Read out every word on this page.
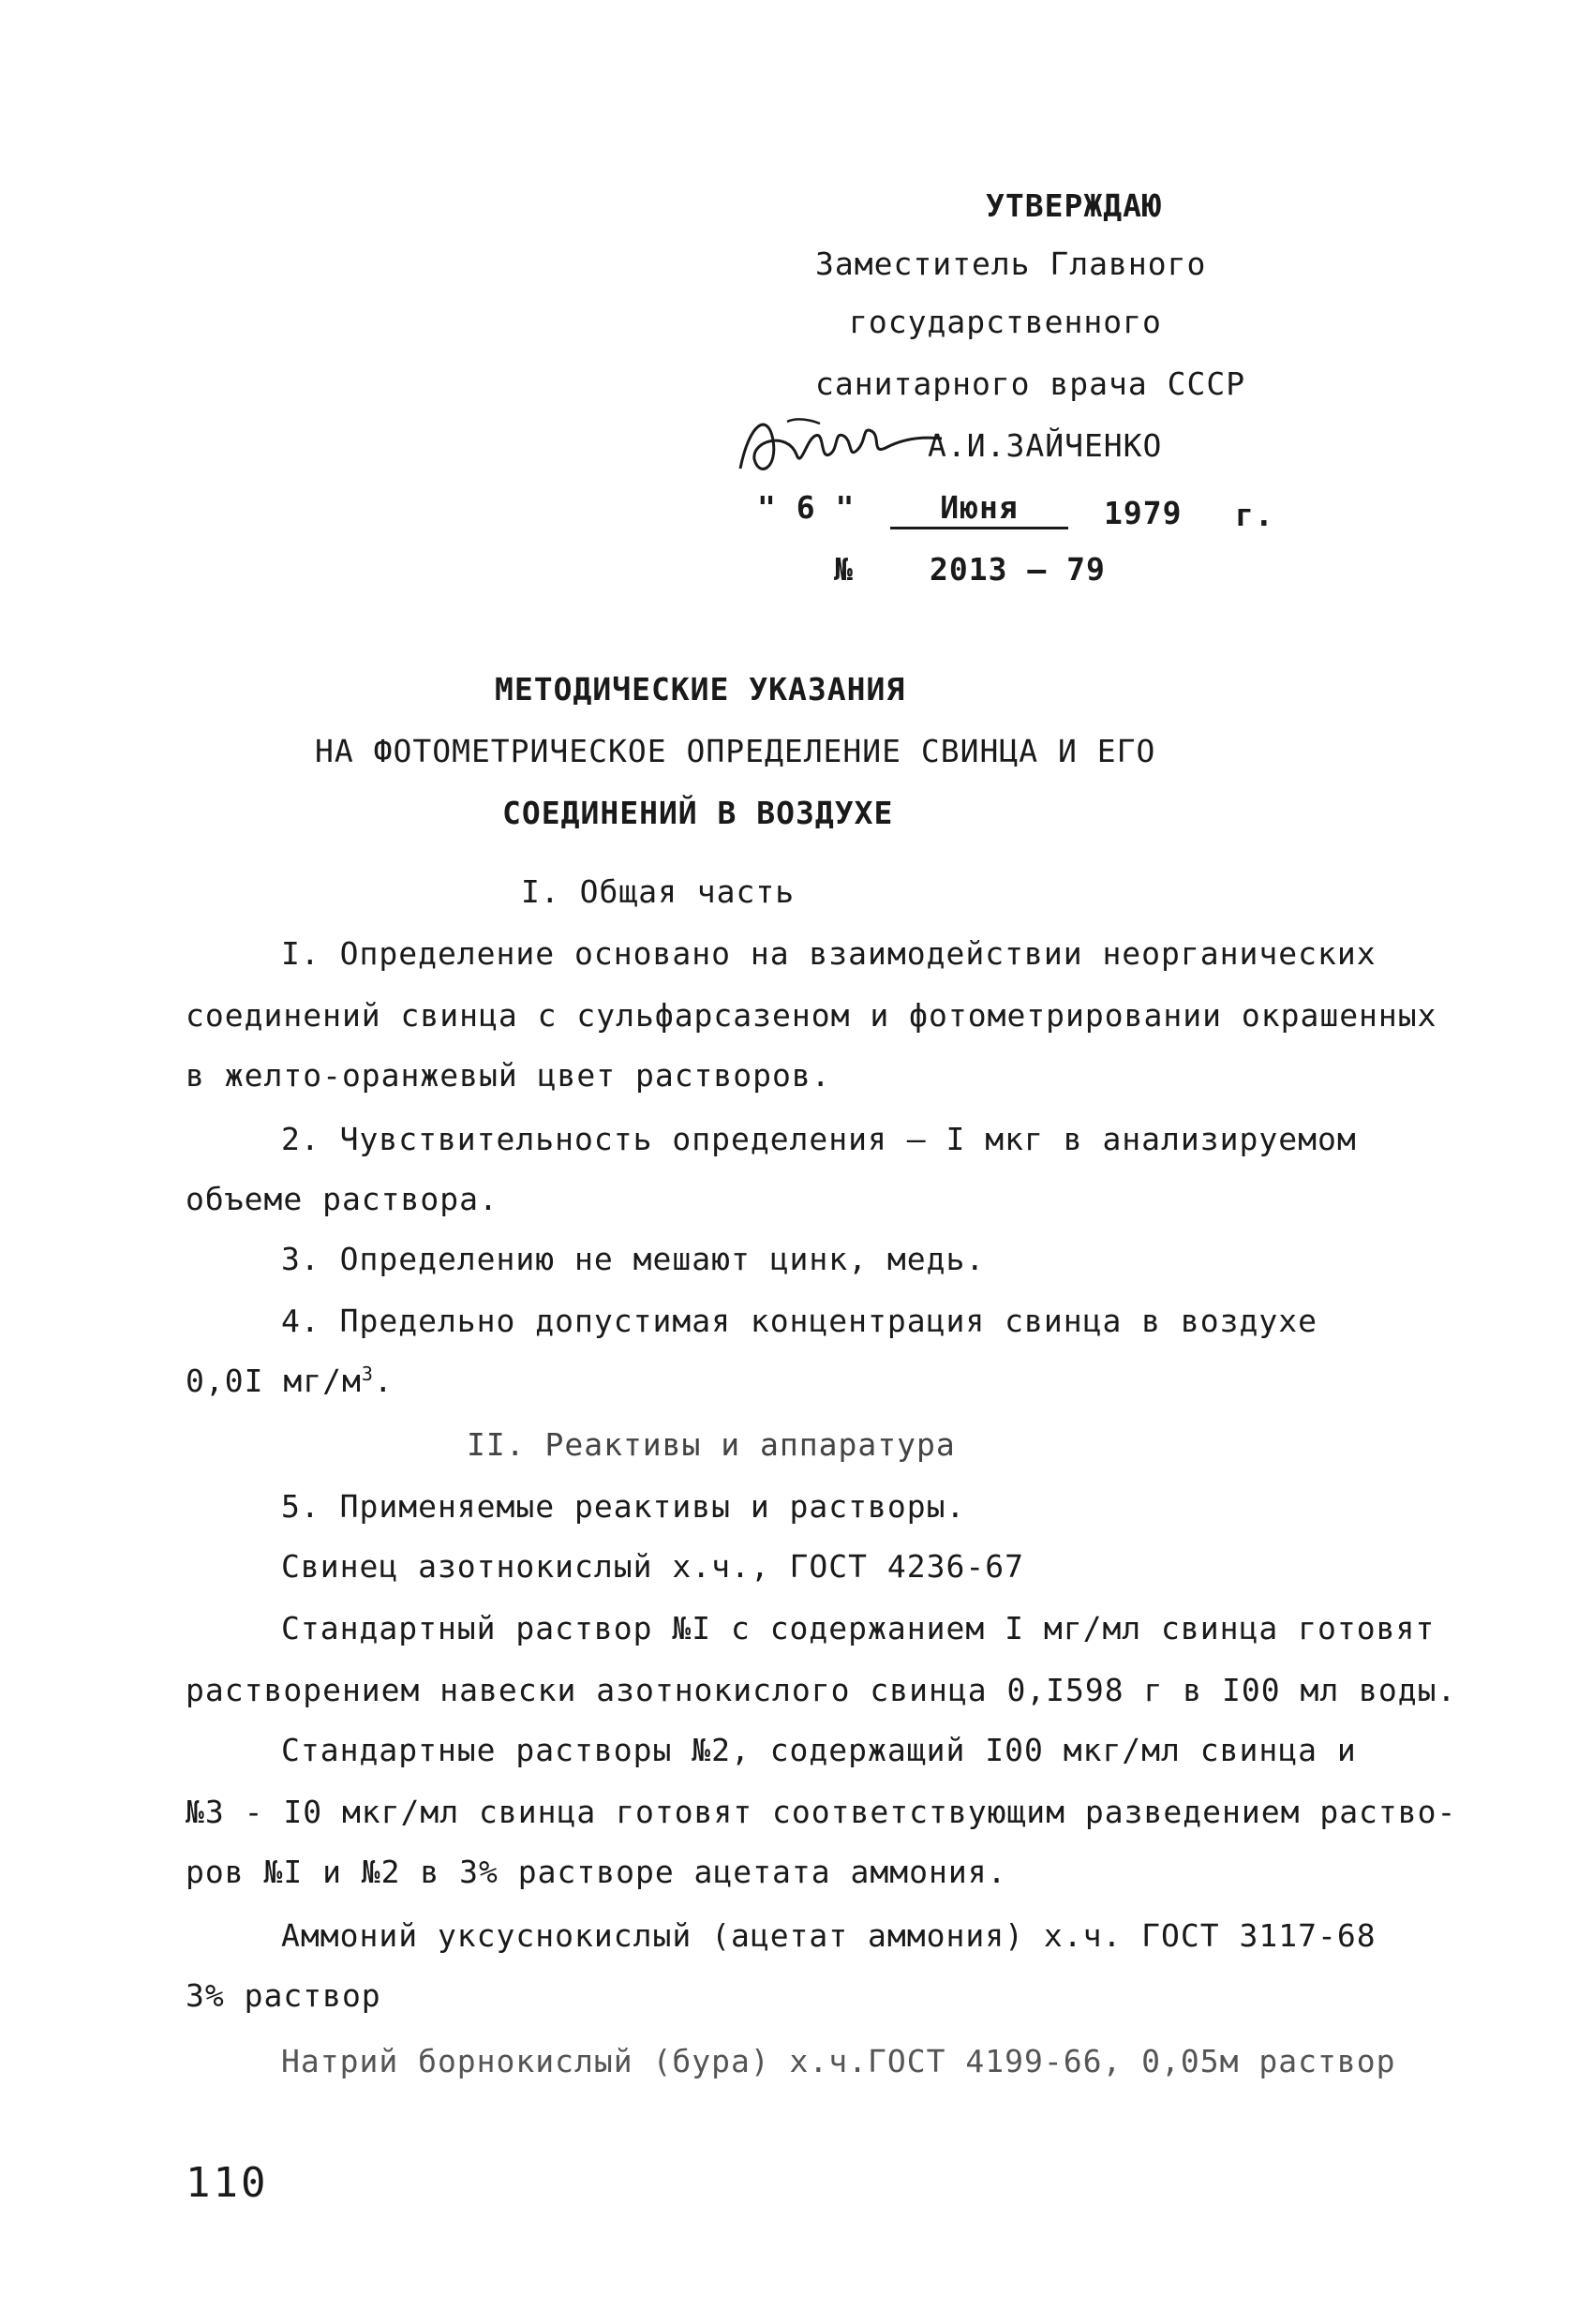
УТВЕРЖДАЮ
Заместитель Главного
государственного
санитарного врача СССР
А.И.ЗАЙЧЕНКО
" 6 "	Июня	1979 г.
№ 2013 – 79
МЕТОДИЧЕСКИЕ УКАЗАНИЯ
НА ФОТОМЕТРИЧЕСКОЕ ОПРЕДЕЛЕНИЕ СВИНЦА И ЕГО
СОЕДИНЕНИЙ В ВОЗДУХЕ
I. Общая часть
I. Определение основано на взаимодействии неорганических
соединений свинца с сульфарсазеном и фотометрировании окрашенных
в желто-оранжевый цвет растворов.
2. Чувствительность определения – I мкг в анализируемом
объеме раствора.
3. Определению не мешают цинк, медь.
4. Предельно допустимая концентрация свинца в воздухе
0,0I $мг/м^3$.
II. Реактивы и аппаратура
5. Применяемые реактивы и растворы.
Свинец азотнокислый х.ч., ГОСТ 4236-67
Стандартный раствор №I с содержанием I мг/мл свинца готовят
растворением навески азотнокислого свинца 0,I598 г в I00 мл воды.
Стандартные растворы №2, содержащий I00 мкг/мл свинца и
№3 - I0 мкг/мл свинца готовят соответствующим разведением раство-
ров №I и №2 в 3% растворе ацетата аммония.
Аммоний уксуснокислый (ацетат аммония) х.ч. ГОСТ 3117-68
3% раствор
Натрий борнокислый (бура) х.ч.ГОСТ 4199-66, 0,05м раствор
110
